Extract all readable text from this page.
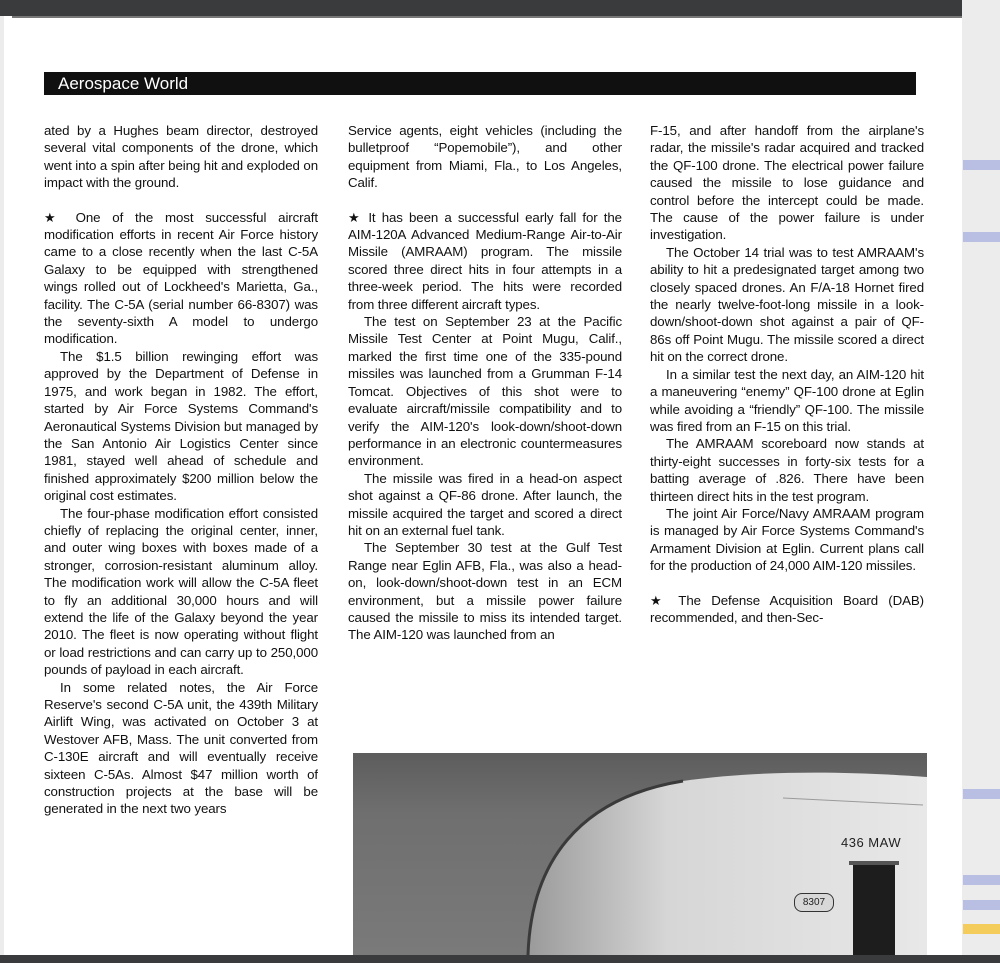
Aerospace World

ated by a Hughes beam director, destroyed several vital components of the drone, which went into a spin after being hit and exploded on impact with the ground.

★ One of the most successful aircraft modification efforts in recent Air Force history came to a close recently when the last C-5A Galaxy to be equipped with strengthened wings rolled out of Lockheed's Marietta, Ga., facility. The C-5A (serial number 66-8307) was the seventy-sixth A model to undergo modification.

The $1.5 billion rewinging effort was approved by the Department of Defense in 1975, and work began in 1982. The effort, started by Air Force Systems Command's Aeronautical Systems Division but managed by the San Antonio Air Logistics Center since 1981, stayed well ahead of schedule and finished approximately $200 million below the original cost estimates.

The four-phase modification effort consisted chiefly of replacing the original center, inner, and outer wing boxes with boxes made of a stronger, corrosion-resistant aluminum alloy. The modification work will allow the C-5A fleet to fly an additional 30,000 hours and will extend the life of the Galaxy beyond the year 2010. The fleet is now operating without flight or load restrictions and can carry up to 250,000 pounds of payload in each aircraft.

In some related notes, the Air Force Reserve's second C-5A unit, the 439th Military Airlift Wing, was activated on October 3 at Westover AFB, Mass. The unit converted from C-130E aircraft and will eventually receive sixteen C-5As. Almost $47 million worth of construction projects at the base will be generated in the next two years

Service agents, eight vehicles (including the bulletproof “Popemobile”), and other equipment from Miami, Fla., to Los Angeles, Calif.

★ It has been a successful early fall for the AIM-120A Advanced Medium-Range Air-to-Air Missile (AMRAAM) program. The missile scored three direct hits in four attempts in a three-week period. The hits were recorded from three different aircraft types.

The test on September 23 at the Pacific Missile Test Center at Point Mugu, Calif., marked the first time one of the 335-pound missiles was launched from a Grumman F-14 Tomcat. Objectives of this shot were to evaluate aircraft/missile compatibility and to verify the AIM-120's look-down/shoot-down performance in an electronic countermeasures environment.

The missile was fired in a head-on aspect shot against a QF-86 drone. After launch, the missile acquired the target and scored a direct hit on an external fuel tank.

The September 30 test at the Gulf Test Range near Eglin AFB, Fla., was also a head-on, look-down/shoot-down test in an ECM environment, but a missile power failure caused the missile to miss its intended target. The AIM-120 was launched from an

F-15, and after handoff from the airplane's radar, the missile's radar acquired and tracked the QF-100 drone. The electrical power failure caused the missile to lose guidance and control before the intercept could be made. The cause of the power failure is under investigation.

The October 14 trial was to test AMRAAM's ability to hit a predesignated target among two closely spaced drones. An F/A-18 Hornet fired the nearly twelve-foot-long missile in a look-down/shoot-down shot against a pair of QF-86s off Point Mugu. The missile scored a direct hit on the correct drone.

In a similar test the next day, an AIM-120 hit a maneuvering “enemy” QF-100 drone at Eglin while avoiding a “friendly” QF-100. The missile was fired from an F-15 on this trial.

The AMRAAM scoreboard now stands at thirty-eight successes in forty-six tests for a batting average of .826. There have been thirteen direct hits in the test program.

The joint Air Force/Navy AMRAAM program is managed by Air Force Systems Command's Armament Division at Eglin. Current plans call for the production of 24,000 AIM-120 missiles.

★ The Defense Acquisition Board (DAB) recommended, and then-Sec-

436 MAW
8307
